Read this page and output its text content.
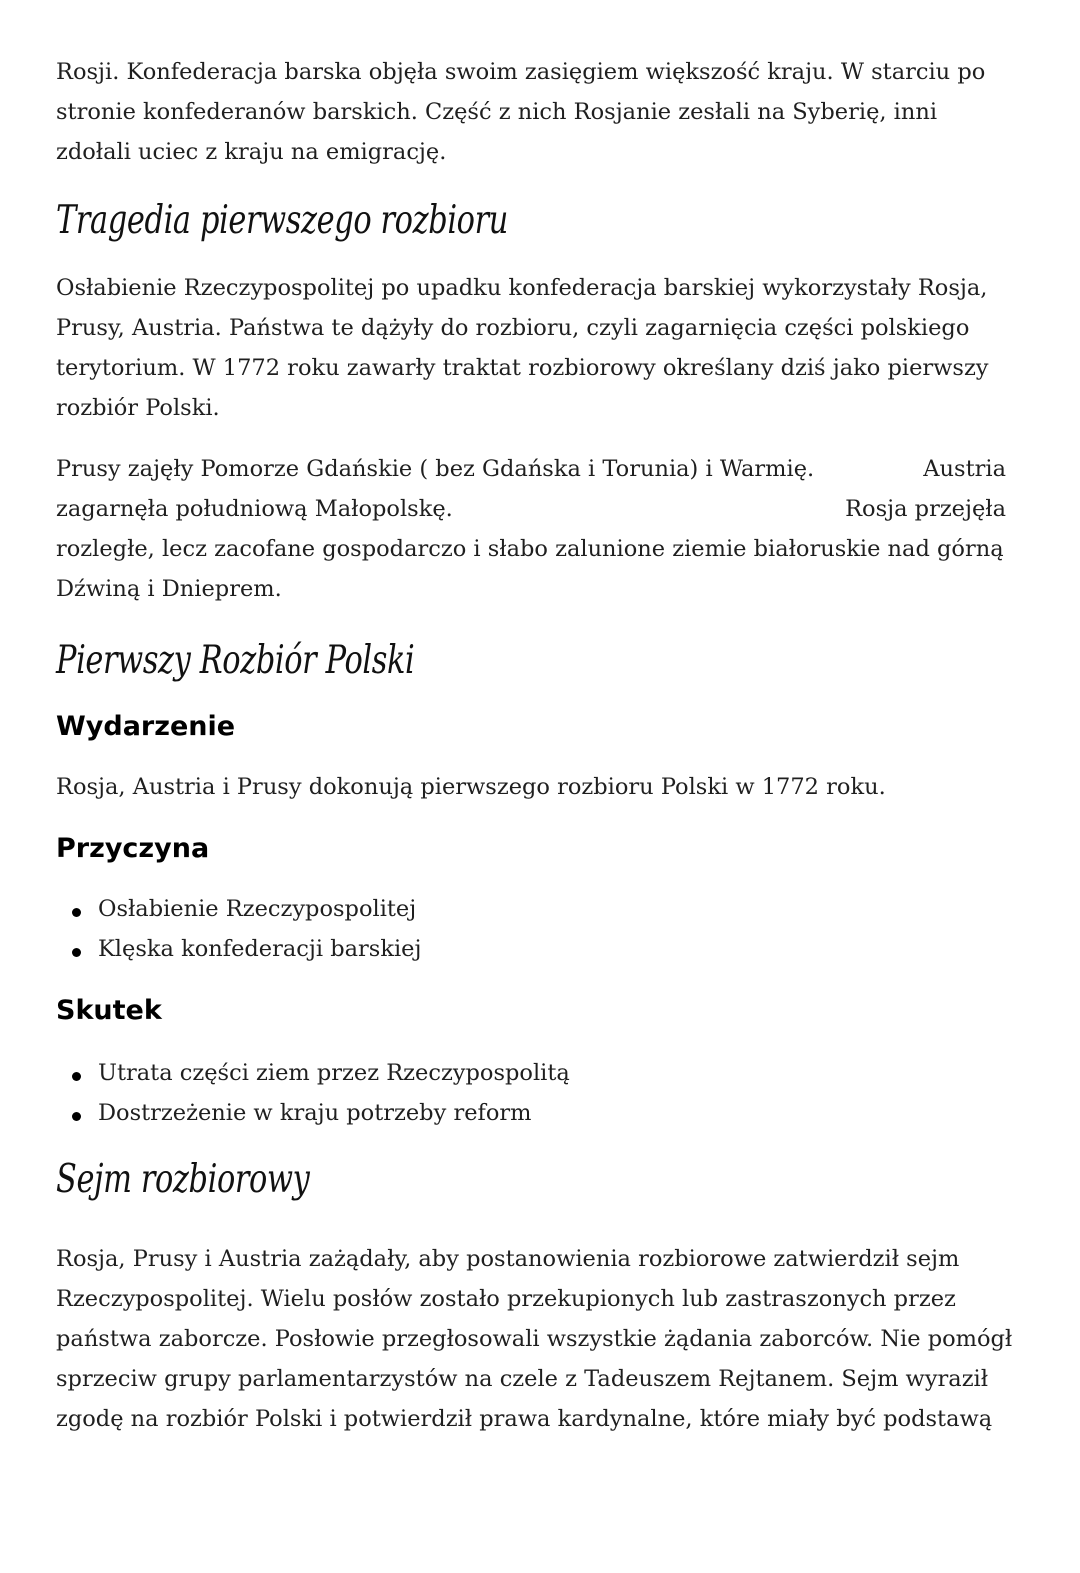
Rosji. Konfederacja barska objęła swoim zasięgiem większość kraju. W starciu po
stronie konfederanów barskich. Część z nich Rosjanie zesłali na Syberię, inni
zdołali uciec z kraju na emigrację.

Tragedia pierwszego rozbioru

Osłabienie Rzeczypospolitej po upadku konfederacja barskiej wykorzystały Rosja,
Prusy, Austria. Państwa te dążyły do rozbioru, czyli zagarnięcia części polskiego
terytorium. W 1772 roku zawarły traktat rozbiorowy określany dziś jako pierwszy
rozbiór Polski.

Prusy zajęły Pomorze Gdańskie ( bez Gdańska i Torunia) i Warmię.	Austria
zagarnęła południową Małopolskę.	Rosja przejęła
rozległe, lecz zacofane gospodarczo i słabo zalunione ziemie białoruskie nad górną
Dźwiną i Dnieprem.
Pierwszy Rozbiór Polski
Wydarzenie

Rosja, Austria i Prusy dokonują pierwszego rozbioru Polski w 1772 roku.

Przyczyna
Osłabienie Rzeczypospolitej
Klęska konfederacji barskiej
Skutek
Utrata części ziem przez Rzeczypospolitą
Dostrzeżenie w kraju potrzeby reform
Sejm rozbiorowy

Rosja, Prusy i Austria zażądały, aby postanowienia rozbiorowe zatwierdził sejm
Rzeczypospolitej. Wielu posłów zostało przekupionych lub zastraszonych przez
państwa zaborcze. Posłowie przegłosowali wszystkie żądania zaborców. Nie pomógł
sprzeciw grupy parlamentarzystów na czele z Tadeuszem Rejtanem. Sejm wyraził
zgodę na rozbiór Polski i potwierdził prawa kardynalne, które miały być podstawą
